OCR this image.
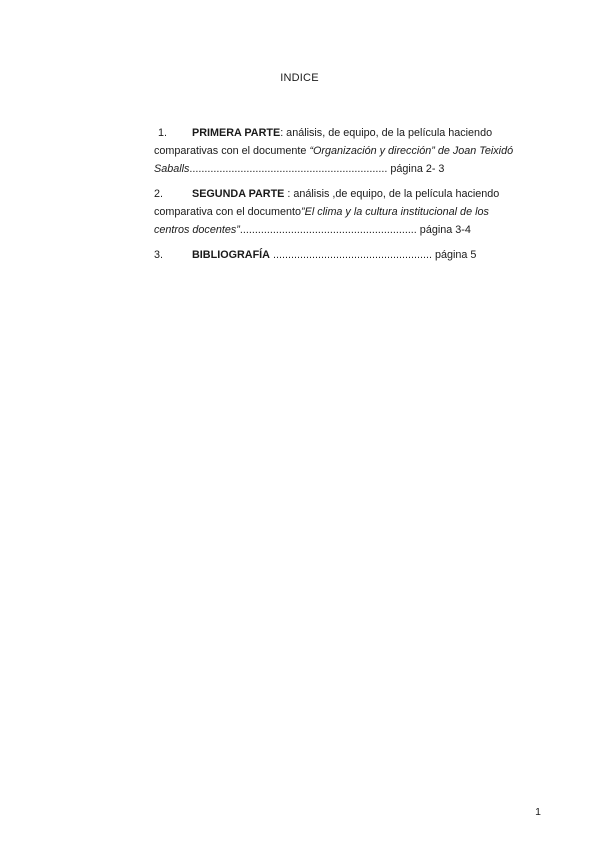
INDICE
1. PRIMERA PARTE: análisis, de equipo, de la película haciendo comparativas con el documente “Organización y dirección” de Joan Teixidó Saballs.................................................................. página 2- 3
2.	SEGUNDA PARTE : análisis ,de equipo, de la película haciendo comparativa con el documento”El clima y la cultura institucional de los centros docentes”........................................................... página 3-4
3.	BIBLIOGRAFÍA ..................................................... página 5
1
